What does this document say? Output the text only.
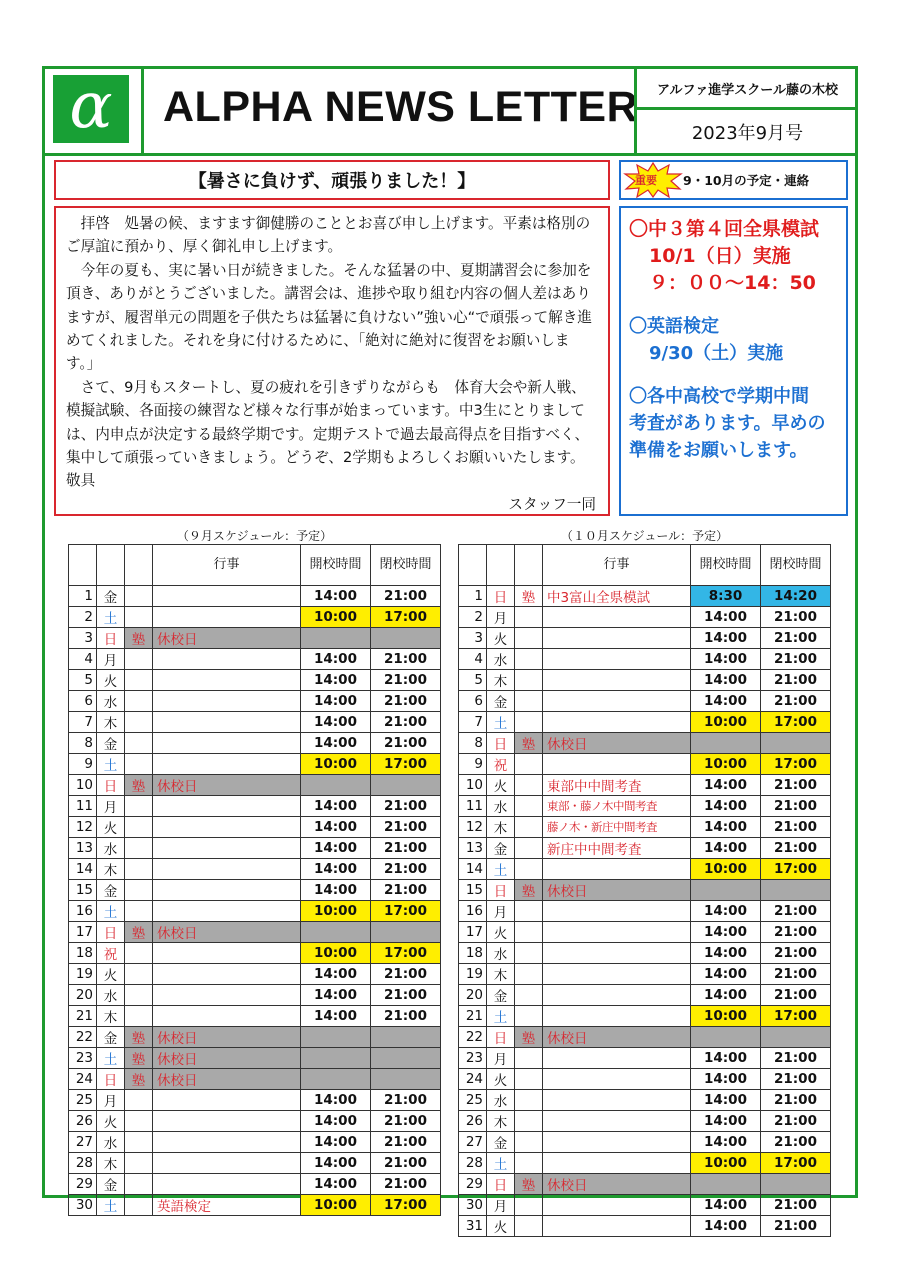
α ALPHA NEWS LETTER	アルファ進学スクール藤の木校
2023年9月号
【暑さに負けず、頑張りました！】

　拝啓　処暑の候、ますます御健勝のこととお喜び申し上げます。平素は格別のご厚誼に預かり、厚く御礼申し上げます。

　今年の夏も、実に暑い日が続きました。そんな猛暑の中、夏期講習会に参加を頂き、ありがとうございました。講習会は、進捗や取り組む内容の個人差はありますが、履習単元の問題を子供たちは猛暑に負けない”強い心“で頑張って解き進めてくれました。それを身に付けるために、「絶対に絶対に復習をお願いします。」

　さて、9月もスタートし、夏の疲れを引きずりながらも　体育大会や新人戦、模擬試験、各面接の練習など様々な行事が始まっています。中3生にとりましては、内申点が決定する最終学期です。定期テストで過去最高得点を目指すべく、集中して頑張っていきましょう。どうぞ、2学期もよろしくお願いいたします。　敬具

スタッフ一同

重要 9・10月の予定・連絡
〇中３第４回全県模試
10/1（日）実施
９：００～14：50
〇英語検定
9/30（土）実施
〇各中高校で学期中間
考査があります。早めの
準備をお願いします。
（９月スケジュール：予定）
			行事	開校時間	閉校時間
1	金			14:00	21:00
2	土			10:00	17:00
3	日	塾	休校日		
4	月			14:00	21:00
5	火			14:00	21:00
6	水			14:00	21:00
7	木			14:00	21:00
8	金			14:00	21:00
9	土			10:00	17:00
10	日	塾	休校日		
11	月			14:00	21:00
12	火			14:00	21:00
13	水			14:00	21:00
14	木			14:00	21:00
15	金			14:00	21:00
16	土			10:00	17:00
17	日	塾	休校日		
18	祝			10:00	17:00
19	火			14:00	21:00
20	水			14:00	21:00
21	木			14:00	21:00
22	金	塾	休校日		
23	土	塾	休校日		
24	日	塾	休校日		
25	月			14:00	21:00
26	火			14:00	21:00
27	水			14:00	21:00
28	木			14:00	21:00
29	金			14:00	21:00
30	土		英語検定	10:00	17:00
（１０月スケジュール：予定）
			行事	開校時間	閉校時間
1	日	塾	中3富山全県模試	8:30	14:20
2	月			14:00	21:00
3	火			14:00	21:00
4	水			14:00	21:00
5	木			14:00	21:00
6	金			14:00	21:00
7	土			10:00	17:00
8	日	塾	休校日		
9	祝			10:00	17:00
10	火		東部中中間考査	14:00	21:00
11	水		東部・藤ノ木中間考査	14:00	21:00
12	木		藤ノ木・新庄中間考査	14:00	21:00
13	金		新庄中中間考査	14:00	21:00
14	土			10:00	17:00
15	日	塾	休校日		
16	月			14:00	21:00
17	火			14:00	21:00
18	水			14:00	21:00
19	木			14:00	21:00
20	金			14:00	21:00
21	土			10:00	17:00
22	日	塾	休校日		
23	月			14:00	21:00
24	火			14:00	21:00
25	水			14:00	21:00
26	木			14:00	21:00
27	金			14:00	21:00
28	土			10:00	17:00
29	日	塾	休校日		
30	月			14:00	21:00
31	火			14:00	21:00
